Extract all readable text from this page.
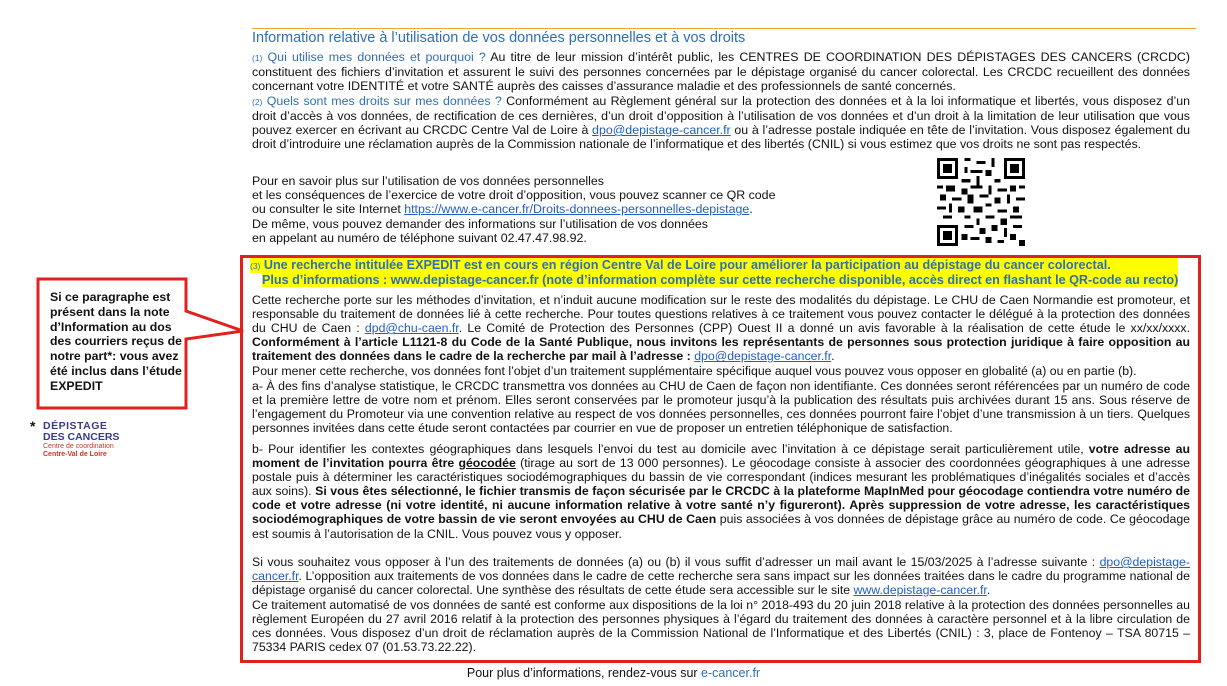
Information relative à l’utilisation de vos données personnelles et à vos droits
(1) Qui utilise mes données et pourquoi ? Au titre de leur mission d’intérêt public, les CENTRES DE COORDINATION DES DÉPISTAGES DES CANCERS (CRCDC) constituent des fichiers d’invitation et assurent le suivi des personnes concernées par le dépistage organisé du cancer colorectal. Les CRCDC recueillent des données concernant votre IDENTITÉ et votre SANTÉ auprès des caisses d’assurance maladie et des professionnels de santé concernés.
(2) Quels sont mes droits sur mes données ? Conformément au Règlement général sur la protection des données et à la loi informatique et libertés, vous disposez d’un droit d’accès à vos données, de rectification de ces dernières, d’un droit d’opposition à l’utilisation de vos données et d’un droit à la limitation de leur utilisation que vous pouvez exercer en écrivant au CRCDC Centre Val de Loire à dpo@depistage-cancer.fr ou à l’adresse postale indiquée en tête de l’invitation. Vous disposez également du droit d’introduire une réclamation auprès de la Commission nationale de l’informatique et des libertés (CNIL) si vous estimez que vos droits ne sont pas respectés.
Pour en savoir plus sur l’utilisation de vos données personnelles
et les conséquences de l’exercice de votre droit d’opposition, vous pouvez scanner ce QR code
ou consulter le site Internet https://www.e-cancer.fr/Droits-donnees-personnelles-depistage.
De même, vous pouvez demander des informations sur l’utilisation de vos données
en appelant au numéro de téléphone suivant 02.47.47.98.92.
(3) Une recherche intitulée EXPEDIT est en cours en région Centre Val de Loire pour améliorer la participation au dépistage du cancer colorectal.
Plus d’informations : www.depistage-cancer.fr (note d’information complète sur cette recherche disponible, accès direct en flashant le QR-code au recto)
Cette recherche porte sur les méthodes d’invitation, et n’induit aucune modification sur le reste des modalités du dépistage. Le CHU de Caen Normandie est promoteur, et responsable du traitement de données lié à cette recherche. Pour toutes questions relatives à ce traitement vous pouvez contacter le délégué à la protection des données du CHU de Caen : dpd@chu-caen.fr. Le Comité de Protection des Personnes (CPP) Ouest II a donné un avis favorable à la réalisation de cette étude le xx/xx/xxxx. Conformément à l’article L1121-8 du Code de la Santé Publique, nous invitons les représentants de personnes sous protection juridique à faire opposition au traitement des données dans le cadre de la recherche par mail à l’adresse : dpo@depistage-cancer.fr.
Pour mener cette recherche, vos données font l’objet d’un traitement supplémentaire spécifique auquel vous pouvez vous opposer en globalité (a) ou en partie (b).
a- À des fins d’analyse statistique, le CRCDC transmettra vos données au CHU de Caen de façon non identifiante. Ces données seront référencées par un numéro de code et la première lettre de votre nom et prénom. Elles seront conservées par le promoteur jusqu’à la publication des résultats puis archivées durant 15 ans. Sous réserve de l’engagement du Promoteur via une convention relative au respect de vos données personnelles, ces données pourront faire l’objet d’une transmission à un tiers. Quelques personnes invitées dans cette étude seront contactées par courrier en vue de proposer un entretien téléphonique de satisfaction.
b- Pour identifier les contextes géographiques dans lesquels l’envoi du test au domicile avec l’invitation à ce dépistage serait particulièrement utile, votre adresse au moment de l’invitation pourra être géocodée (tirage au sort de 13 000 personnes). Le géocodage consiste à associer des coordonnées géographiques à une adresse postale puis à déterminer les caractéristiques sociodémographiques du bassin de vie correspondant (indices mesurant les problématiques d’inégalités sociales et d’accès aux soins). Si vous êtes sélectionné, le fichier transmis de façon sécurisée par le CRCDC à la plateforme MapInMed pour géocodage contiendra votre numéro de code et votre adresse (ni votre identité, ni aucune information relative à votre santé n’y figureront). Après suppression de votre adresse, les caractéristiques sociodémographiques de votre bassin de vie seront envoyées au CHU de Caen puis associées à vos données de dépistage grâce au numéro de code. Ce géocodage est soumis à l’autorisation de la CNIL. Vous pouvez vous y opposer.
Si vous souhaitez vous opposer à l’un des traitements de données (a) ou (b) il vous suffit d’adresser un mail avant le 15/03/2025 à l’adresse suivante : dpo@depistage-cancer.fr. L’opposition aux traitements de vos données dans le cadre de cette recherche sera sans impact sur les données traitées dans le cadre du programme national de dépistage organisé du cancer colorectal. Une synthèse des résultats de cette étude sera accessible sur le site www.depistage-cancer.fr.
Ce traitement automatisé de vos données de santé est conforme aux dispositions de la loi n° 2018-493 du 20 juin 2018 relative à la protection des données personnelles au règlement Européen du 27 avril 2016 relatif à la protection des personnes physiques à l’égard du traitement des données à caractère personnel et à la libre circulation de ces données. Vous disposez d’un droit de réclamation auprès de la Commission National de l’Informatique et des Libertés (CNIL) : 3, place de Fontenoy – TSA 80715 – 75334 PARIS cedex 07 (01.53.73.22.22).
Si ce paragraphe est présent dans la note d’Information au dos des courriers reçus de notre part*: vous avez été inclus dans l’étude EXPEDIT
* DÉPISTAGE
DES CANCERS
Centre de coordination
Centre-Val de Loire
Pour plus d’informations, rendez-vous sur e-cancer.fr
